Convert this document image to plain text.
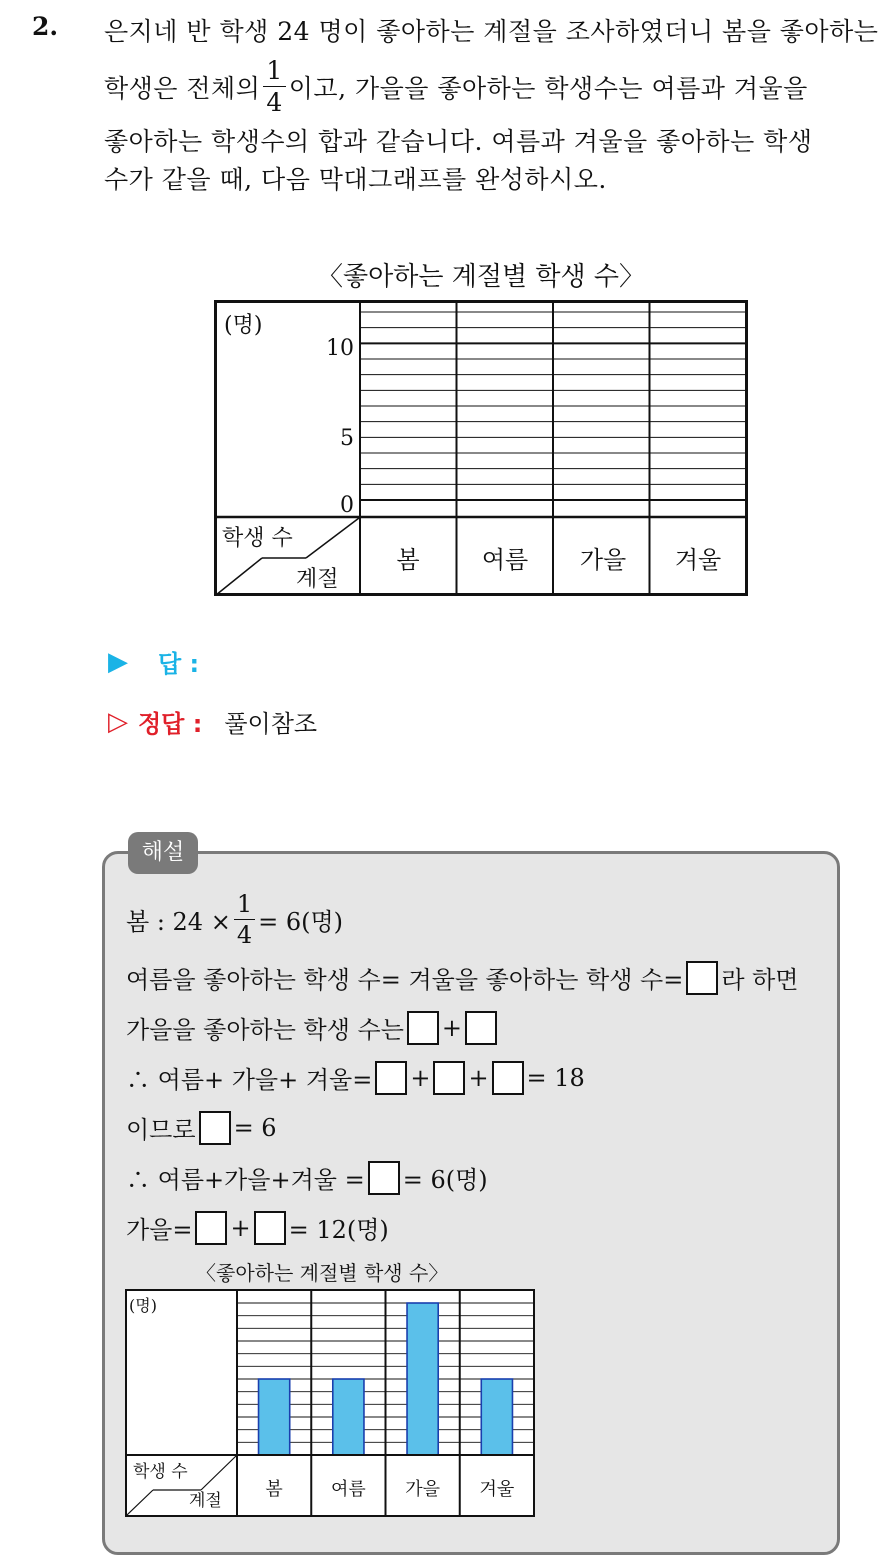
2. 은지네 반 학생 24 명이 좋아하는 계절을 조사하였더니 봄을 좋아하는
학생은 전체의 $\frac{1}{4}$ 이고, 가을을 좋아하는 학생수는 여름과 겨울을
좋아하는 학생수의 합과 같습니다. 여름과 겨울을 좋아하는 학생
수가 같을 때, 다음 막대그래프를 완성하시오.
〈좋아하는 계절별 학생 수〉
(명)
10
5
0
학생 수
계절
봄	여름 가을 겨울
▶ 답 :
▷ 정답 : 풀이참조
해설
봄 : $24 \times \frac{1}{4} = 6$(명)
여름을 좋아하는 학생 수= 겨울을 좋아하는 학생 수= 라 하면
가을을 좋아하는 학생 수는 +
∴ 여름+ 가을+ 겨울= + + = 18
이므로 = 6
∴ 여름+가을+겨울 = = 6(명)
가을= + = 12(명)
〈좋아하는 계절별 학생 수〉
(명)
학생 수
계절
봄	여름 가을 겨울
